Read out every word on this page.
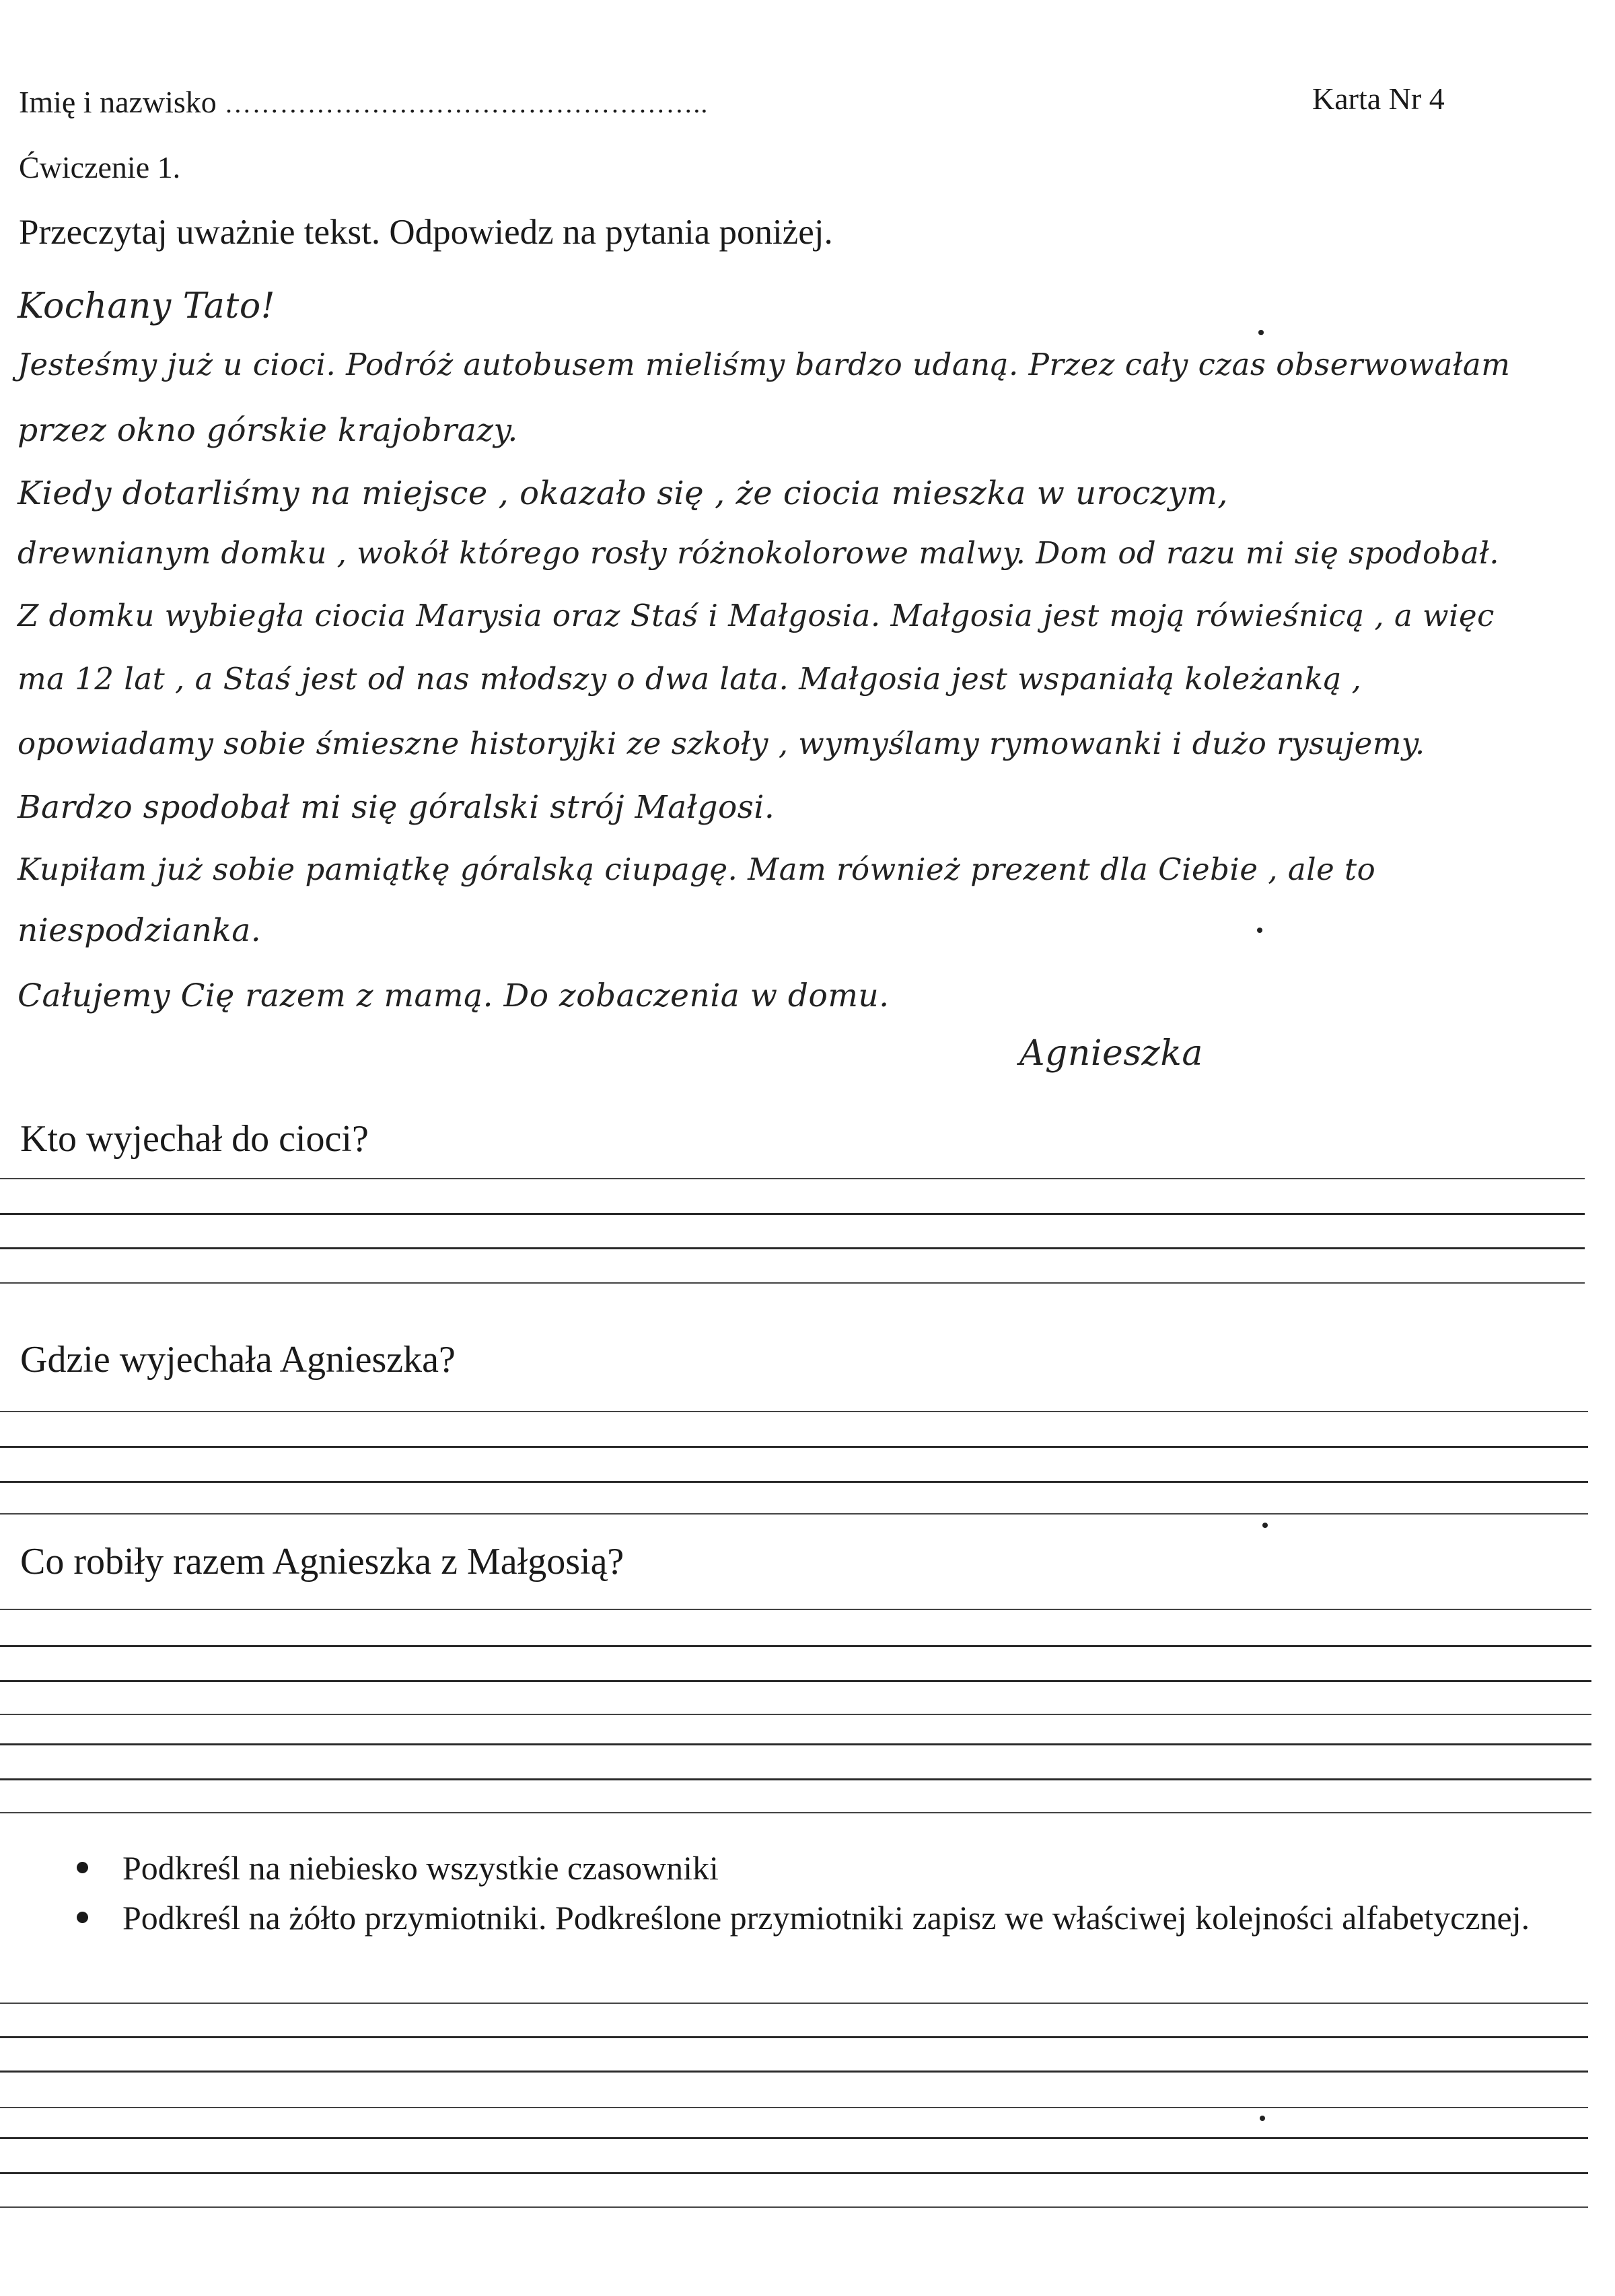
Imię i nazwisko ……………………………………………..	Karta Nr 4
Ćwiczenie 1.
Przeczytaj uważnie tekst. Odpowiedz na pytania poniżej.
Kochany Tato!
Jesteśmy już u cioci. Podróż autobusem mieliśmy bardzo udaną. Przez cały czas obserwowałam
przez okno górskie krajobrazy.
Kiedy dotarliśmy na miejsce , okazało się , że ciocia mieszka w uroczym,
drewnianym domku , wokół którego rosły różnokolorowe malwy. Dom od razu mi się spodobał.
Z domku wybiegła ciocia Marysia oraz Staś i Małgosia. Małgosia jest moją rówieśnicą , a więc
ma 12 lat , a Staś jest od nas młodszy o dwa lata. Małgosia jest wspaniałą koleżanką ,
opowiadamy sobie śmieszne historyjki ze szkoły , wymyślamy rymowanki i dużo rysujemy.
Bardzo spodobał mi się góralski strój Małgosi.
Kupiłam już sobie pamiątkę góralską ciupagę. Mam również prezent dla Ciebie , ale to
niespodzianka.
Całujemy Cię razem z mamą. Do zobaczenia w domu.
Agnieszka
Kto wyjechał do cioci?
Gdzie wyjechała Agnieszka?
Co robiły razem Agnieszka z Małgosią?
Podkreśl na niebiesko wszystkie czasowniki
Podkreśl na żółto przymiotniki. Podkreślone przymiotniki zapisz we właściwej kolejności alfabetycznej.
